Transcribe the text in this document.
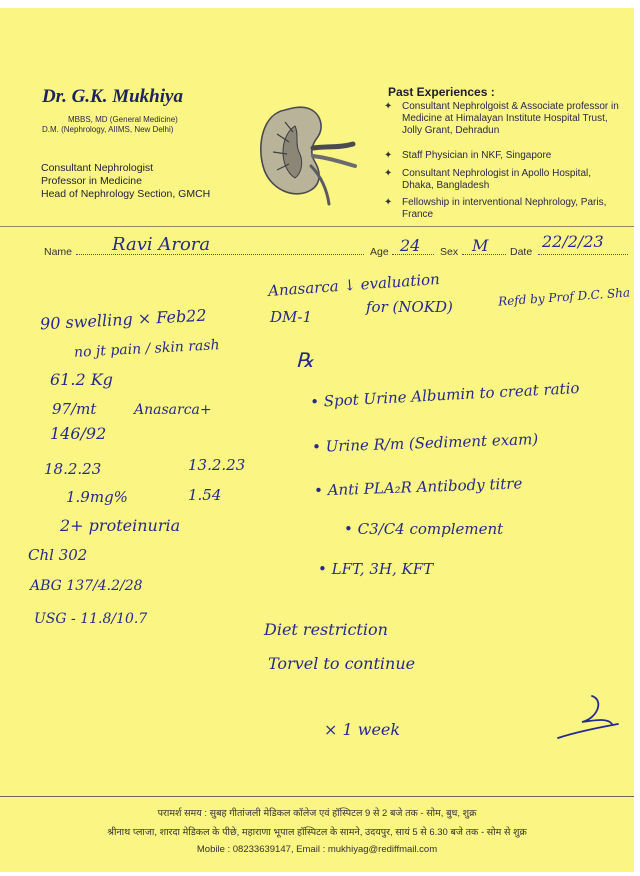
Dr. G.K. Mukhiya
MBBS, MD (General Medicine)
D.M. (Nephrology, AIIMS, New Delhi)
Consultant Nephrologist
Professor in Medicine
Head of Nephrology Section, GMCH
Past Experiences :
✦ Consultant Nephrolgoist & Associate professor in Medicine at Himalayan Institute Hospital Trust, Jolly Grant, Dehradun
✦ Staff Physician in NKF, Singapore
✦ Consultant Nephrologist in Apollo Hospital, Dhaka, Bangladesh
✦ Fellowship in interventional Nephrology, Paris, France
Name Ravi Arora	Age 24 Sex M Date
22/2/23
90 swelling × Feb22
no jt pain / skin rash
61.2 Kg
97/mt	Anasarca+
146/92
18.2.23	13.2.23
1.9mg%	1.54
2+ proteinuria
Chl 302
ABG 137/4.2/28
USG - 11.8/10.7
Anasarca ↓ evaluation
DM-1
for (NOKD)	Refd by Prof D.C. Sha
℞
• Spot Urine Albumin to creat ratio
• Urine R/m (Sediment exam)
• Anti PLA₂R Antibody titre
• C3/C4 complement
• LFT, 3H, KFT
Diet restriction
Torvel to continue
× 1 week
परामर्श समय : सुबह गीतांजली मेडिकल कॉलेज एवं हॉस्पिटल 9 से 2 बजे तक - सोम, बुध, शुक्र
श्रीनाथ प्लाजा, शारदा मेडिकल के पीछे, महाराणा भूपाल हॉस्पिटल के सामने, उदयपुर, सायं 5 से 6.30 बजे तक - सोम से शुक्र
Mobile : 08233639147, Email : mukhiyag@rediffmail.com
